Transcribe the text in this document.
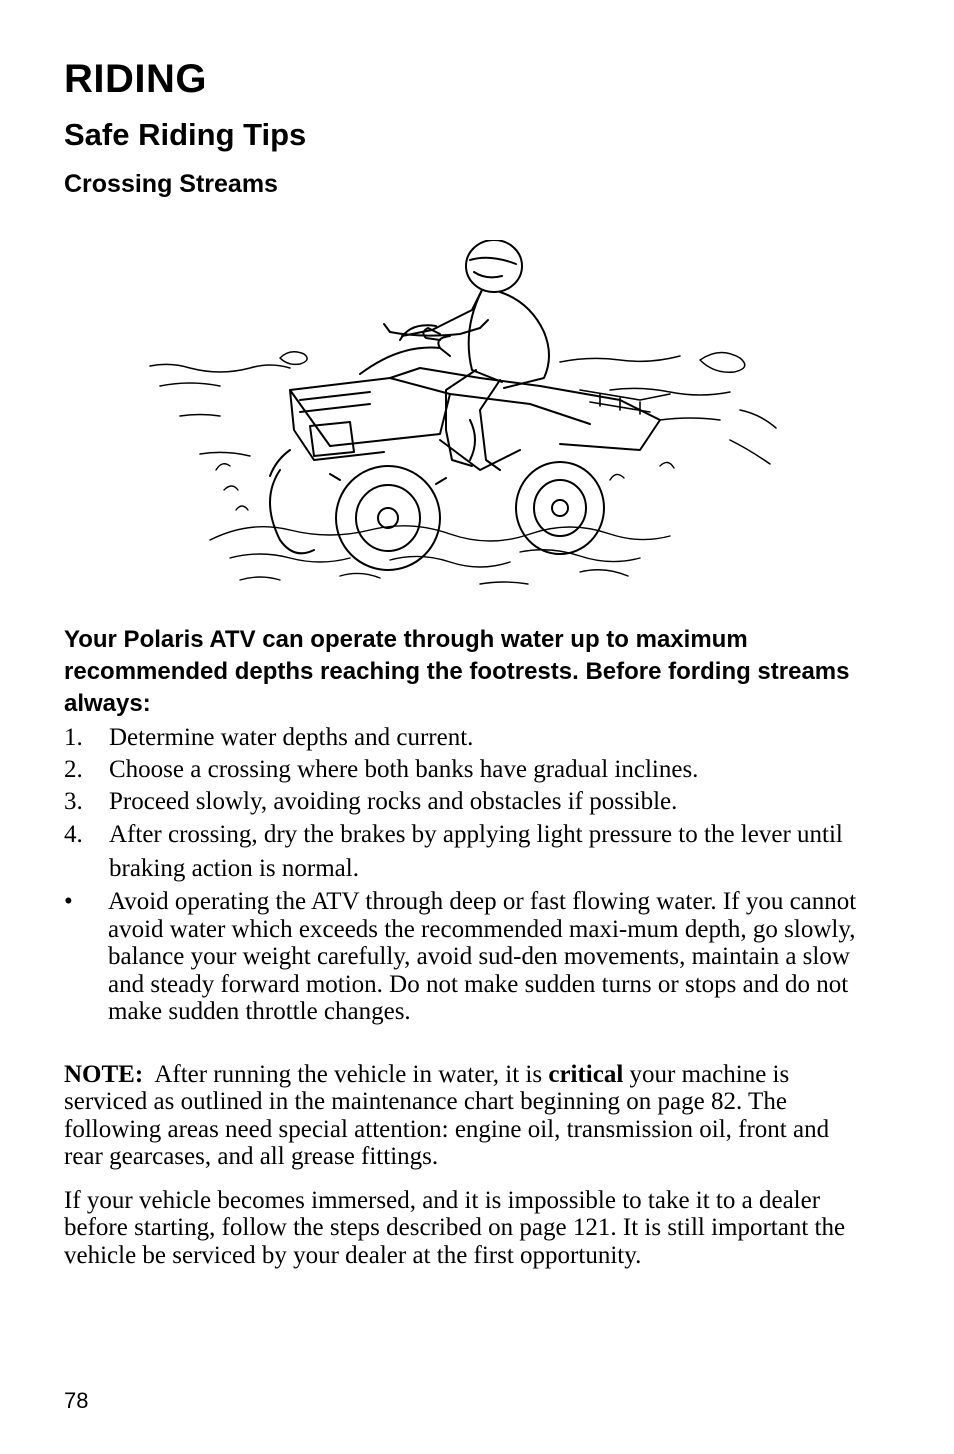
RIDING
Safe Riding Tips
Crossing Streams
Your Polaris ATV can operate through water up to maximum recommended depths reaching the footrests. Before fording streams always:
1. Determine water depths and current.
2. Choose a crossing where both banks have gradual inclines.
3. Proceed slowly, avoiding rocks and obstacles if possible.
4. After crossing, dry the brakes by applying light pressure to the lever until braking action is normal.
•	Avoid operating the ATV through deep or fast flowing water. If you cannot avoid water which exceeds the recommended maxi-mum depth, go slowly, balance your weight carefully, avoid sud-den movements, maintain a slow and steady forward motion. Do not make sudden turns or stops and do not make sudden throttle changes.
NOTE: After running the vehicle in water, it is critical your machine is serviced as outlined in the maintenance chart beginning on page 82. The following areas need special attention: engine oil, transmission oil, front and rear gearcases, and all grease fittings.
If your vehicle becomes immersed, and it is impossible to take it to a dealer before starting, follow the steps described on page 121. It is still important the vehicle be serviced by your dealer at the first opportunity.
78
